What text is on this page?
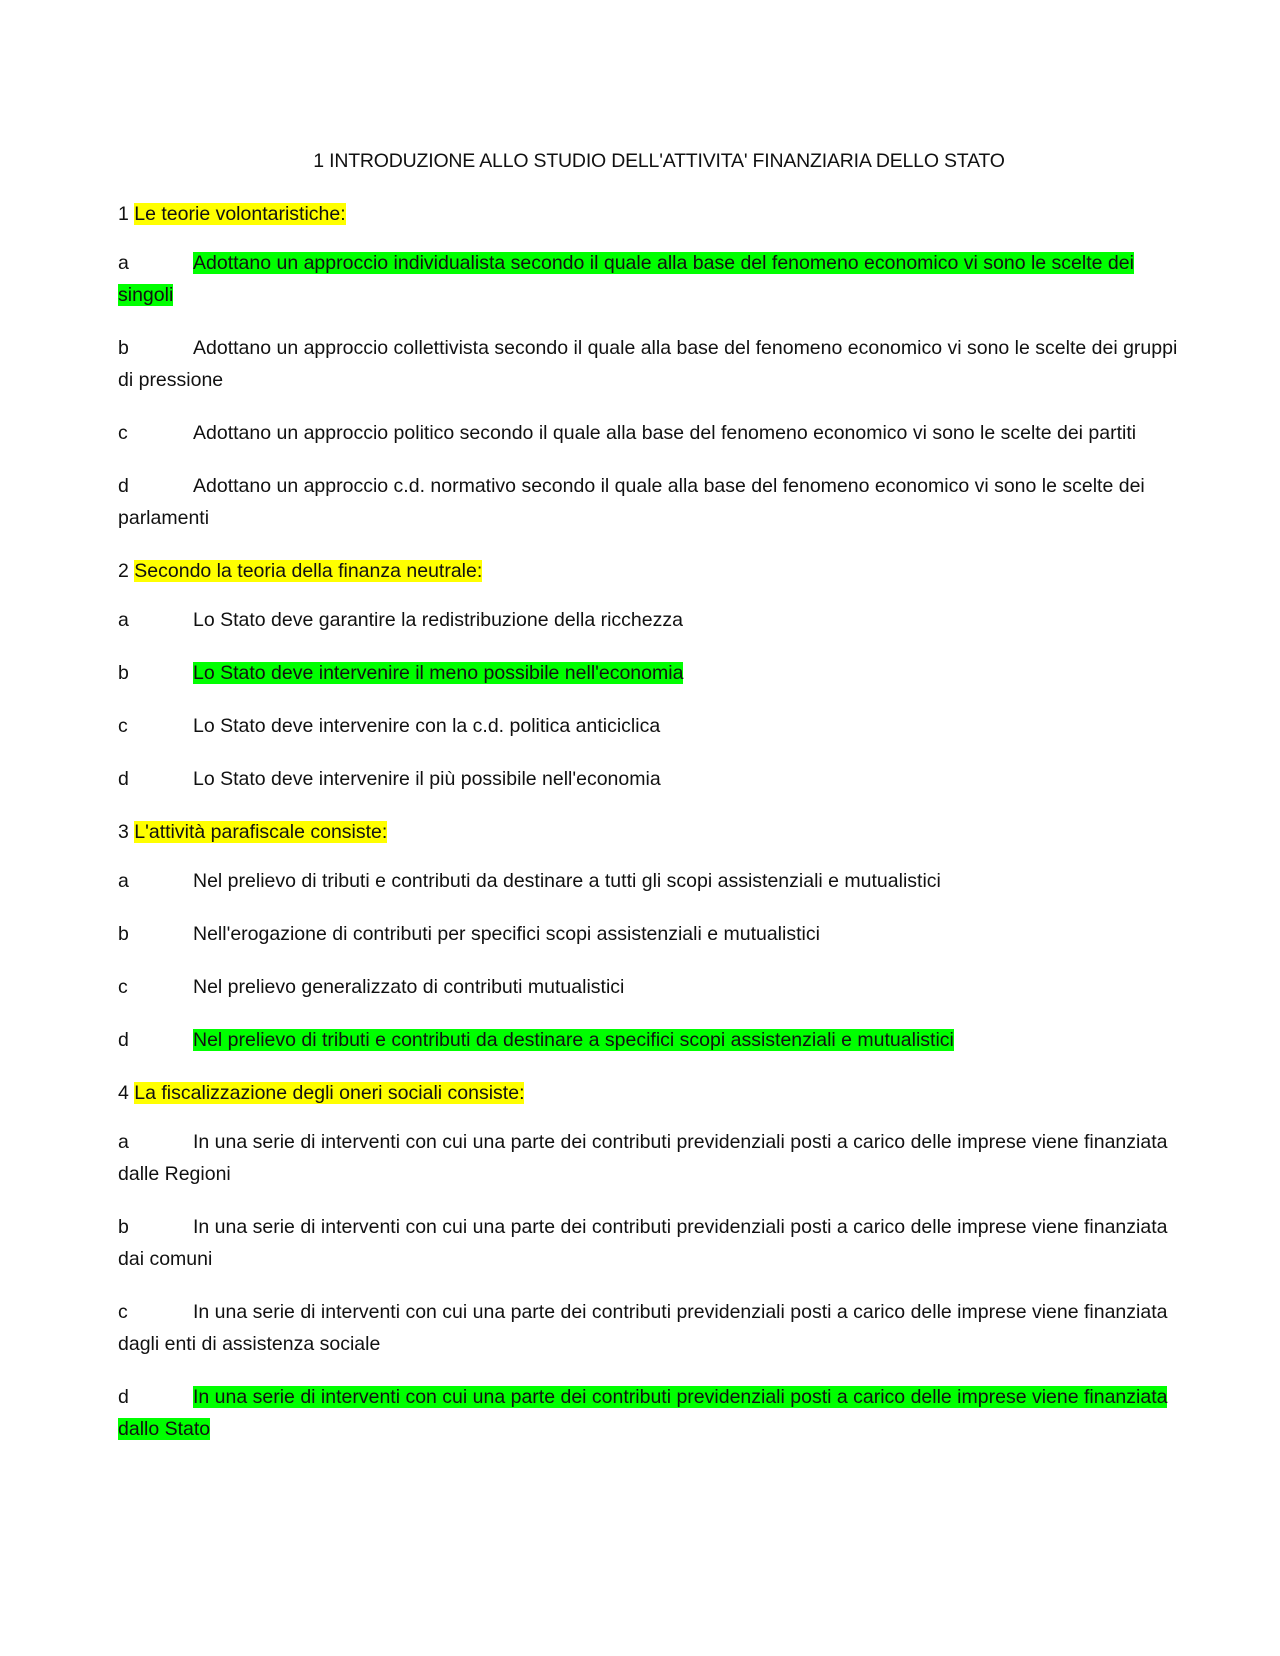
1 INTRODUZIONE ALLO STUDIO DELL'ATTIVITA' FINANZIARIA DELLO STATO
1 Le teorie volontaristiche:
a	Adottano un approccio individualista secondo il quale alla base del fenomeno economico vi sono le scelte dei singoli
b	Adottano un approccio collettivista secondo il quale alla base del fenomeno economico vi sono le scelte dei gruppi di pressione
c	Adottano un approccio politico secondo il quale alla base del fenomeno economico vi sono le scelte dei partiti
d	Adottano un approccio c.d. normativo secondo il quale alla base del fenomeno economico vi sono le scelte dei parlamenti
2 Secondo la teoria della finanza neutrale:
a	Lo Stato deve garantire la redistribuzione della ricchezza
b	Lo Stato deve intervenire il meno possibile nell'economia
c	Lo Stato deve intervenire con la c.d. politica anticiclica
d	Lo Stato deve intervenire il più possibile nell'economia
3 L'attività parafiscale consiste:
a	Nel prelievo di tributi e contributi da destinare a tutti gli scopi assistenziali e mutualistici
b	Nell'erogazione di contributi per specifici scopi assistenziali e mutualistici
c	Nel prelievo generalizzato di contributi mutualistici
d	Nel prelievo di tributi e contributi da destinare a specifici scopi assistenziali e mutualistici
4 La fiscalizzazione degli oneri sociali consiste:
a	In una serie di interventi con cui una parte dei contributi previdenziali posti a carico delle imprese viene finanziata dalle Regioni
b	In una serie di interventi con cui una parte dei contributi previdenziali posti a carico delle imprese viene finanziata dai comuni
c	In una serie di interventi con cui una parte dei contributi previdenziali posti a carico delle imprese viene finanziata dagli enti di assistenza sociale
d	In una serie di interventi con cui una parte dei contributi previdenziali posti a carico delle imprese viene finanziata dallo Stato
